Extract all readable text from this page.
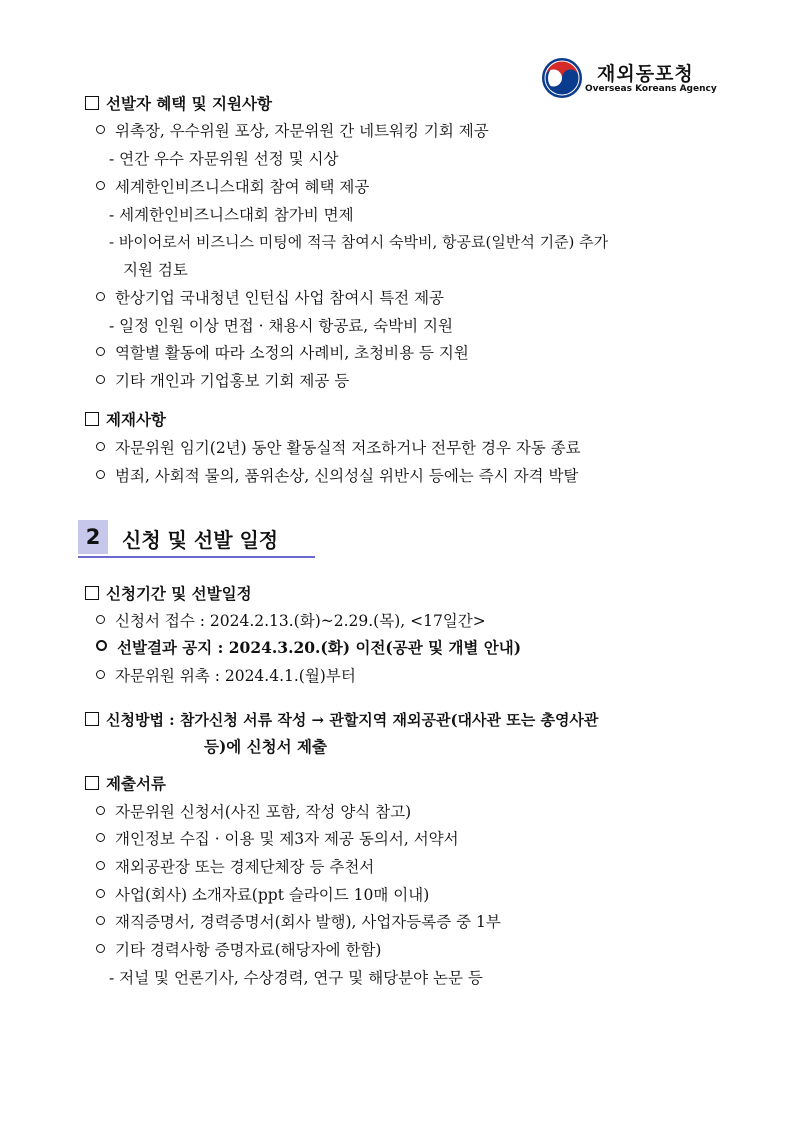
재외동포청
Overseas Koreans Agency
선발자 혜택 및 지원사항
위촉장, 우수위원 포상, 자문위원 간 네트워킹 기회 제공
- 연간 우수 자문위원 선정 및 시상
세계한인비즈니스대회 참여 혜택 제공
- 세계한인비즈니스대회 참가비 면제
- 바이어로서 비즈니스 미팅에 적극 참여시 숙박비, 항공료(일반석 기준) 추가
지원 검토
한상기업 국내청년 인턴십 사업 참여시 특전 제공
- 일정 인원 이상 면접 · 채용시 항공료, 숙박비 지원
역할별 활동에 따라 소정의 사례비, 초청비용 등 지원
기타 개인과 기업홍보 기회 제공 등
제재사항
자문위원 임기(2년) 동안 활동실적 저조하거나 전무한 경우 자동 종료
범죄, 사회적 물의, 품위손상, 신의성실 위반시 등에는 즉시 자격 박탈
2	신청 및 선발 일정
신청기간 및 선발일정
신청서 접수 : 2024.2.13.(화)~2.29.(목), <17일간>
선발결과 공지 : 2024.3.20.(화) 이전(공관 및 개별 안내)
자문위원 위촉 : 2024.4.1.(월)부터
신청방법 : 참가신청 서류 작성 → 관할지역 재외공관(대사관 또는 총영사관
등)에 신청서 제출
제출서류
자문위원 신청서(사진 포함, 작성 양식 참고)
개인정보 수집 · 이용 및 제3자 제공 동의서, 서약서
재외공관장 또는 경제단체장 등 추천서
사업(회사) 소개자료(ppt 슬라이드 10매 이내)
재직증명서, 경력증명서(회사 발행), 사업자등록증 중 1부
기타 경력사항 증명자료(해당자에 한함)
- 저널 및 언론기사, 수상경력, 연구 및 해당분야 논문 등
